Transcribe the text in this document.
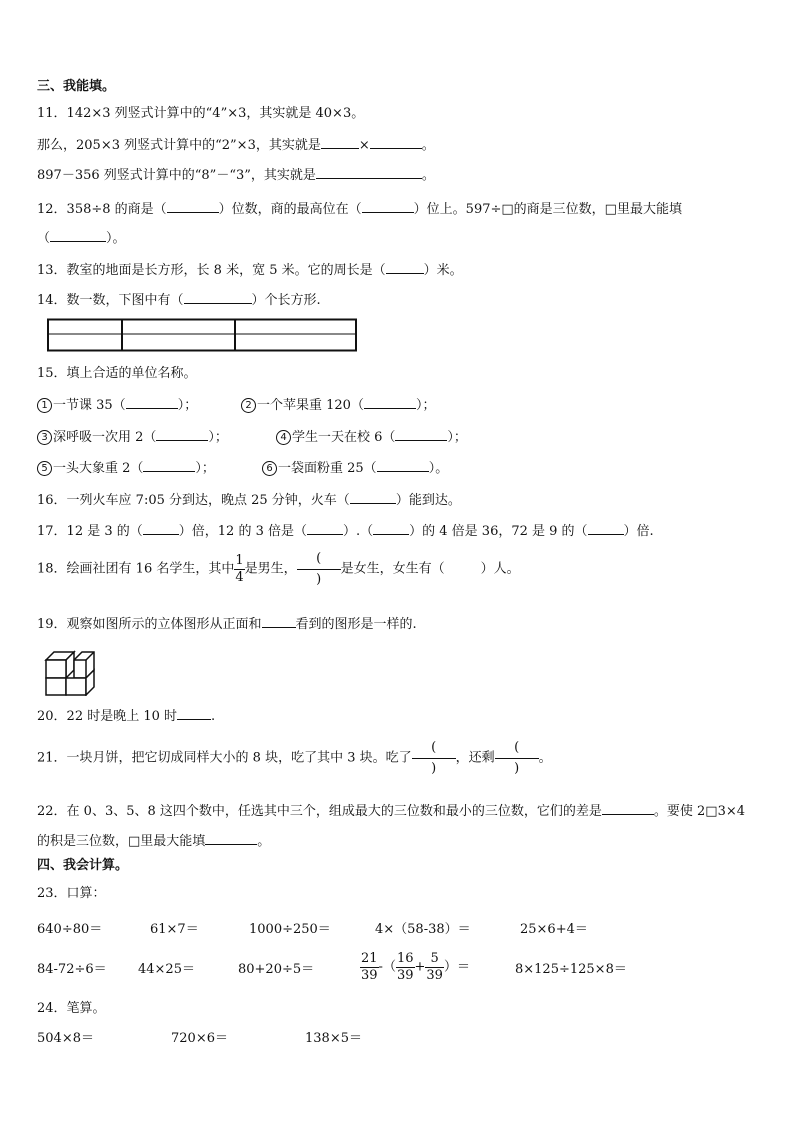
三、我能填。
11．142×3 列竖式计算中的“4”×3，其实就是 40×3。
那么，205×3 列竖式计算中的“2”×3，其实就是	×	。
897－356 列竖式计算中的“8”－“3”，其实就是	。
12．358÷8 的商是（	）位数，商的最高位在（	）位上。597÷□的商是三位数，□里最大能填
（	）。
13．教室的地面是长方形，长 8 米，宽 5 米。它的周长是（	）米。
14．数一数，下图中有（	）个长方形.
15．填上合适的单位名称。
1 一节课 35（	）；	2 一个苹果重 120（	）；
3 深呼吸一次用 2（	）；	4 学生一天在校 6（	）；
5 一头大象重 2（	）；	6 一袋面粉重 25（	）。
16．一列火车应 7:05 分到达，晚点 25 分钟，火车（	）能到达。
17．12 是 3 的（	）倍，12 的 3 倍是（	）.（	）的 4 倍是 36，72 是 9 的（	）倍.
18．绘画社团有 16 名学生，其中 $\frac{1}{4}$ 是男生，
(
)
是女生，女生有（	）人。
19．观察如图所示的立体图形从正面和	看到的图形是一样的.
20．22 时是晚上 10 时	.
21．一块月饼，把它切成同样大小的 8 块，吃了其中 3 块。吃了
(
)
，还剩
(
)
。
22．在 0、3、5、8 这四个数中，任选其中三个，组成最大的三位数和最小的三位数，它们的差是	。要使 2□3×4
的积是三位数，□里最大能填	。
四、我会计算。
23．口算：
640÷80＝	61×7＝	1000÷250＝	4×（58-38）＝	25×6+4＝
84-72÷6＝ 44×25＝	80+20÷5＝	$\frac{21}{39}$ -（ $\frac{16}{39} + \frac{5}{39}$ ）＝	8×125÷125×8＝
24．笔算。
504×8＝	720×6＝	138×5＝
